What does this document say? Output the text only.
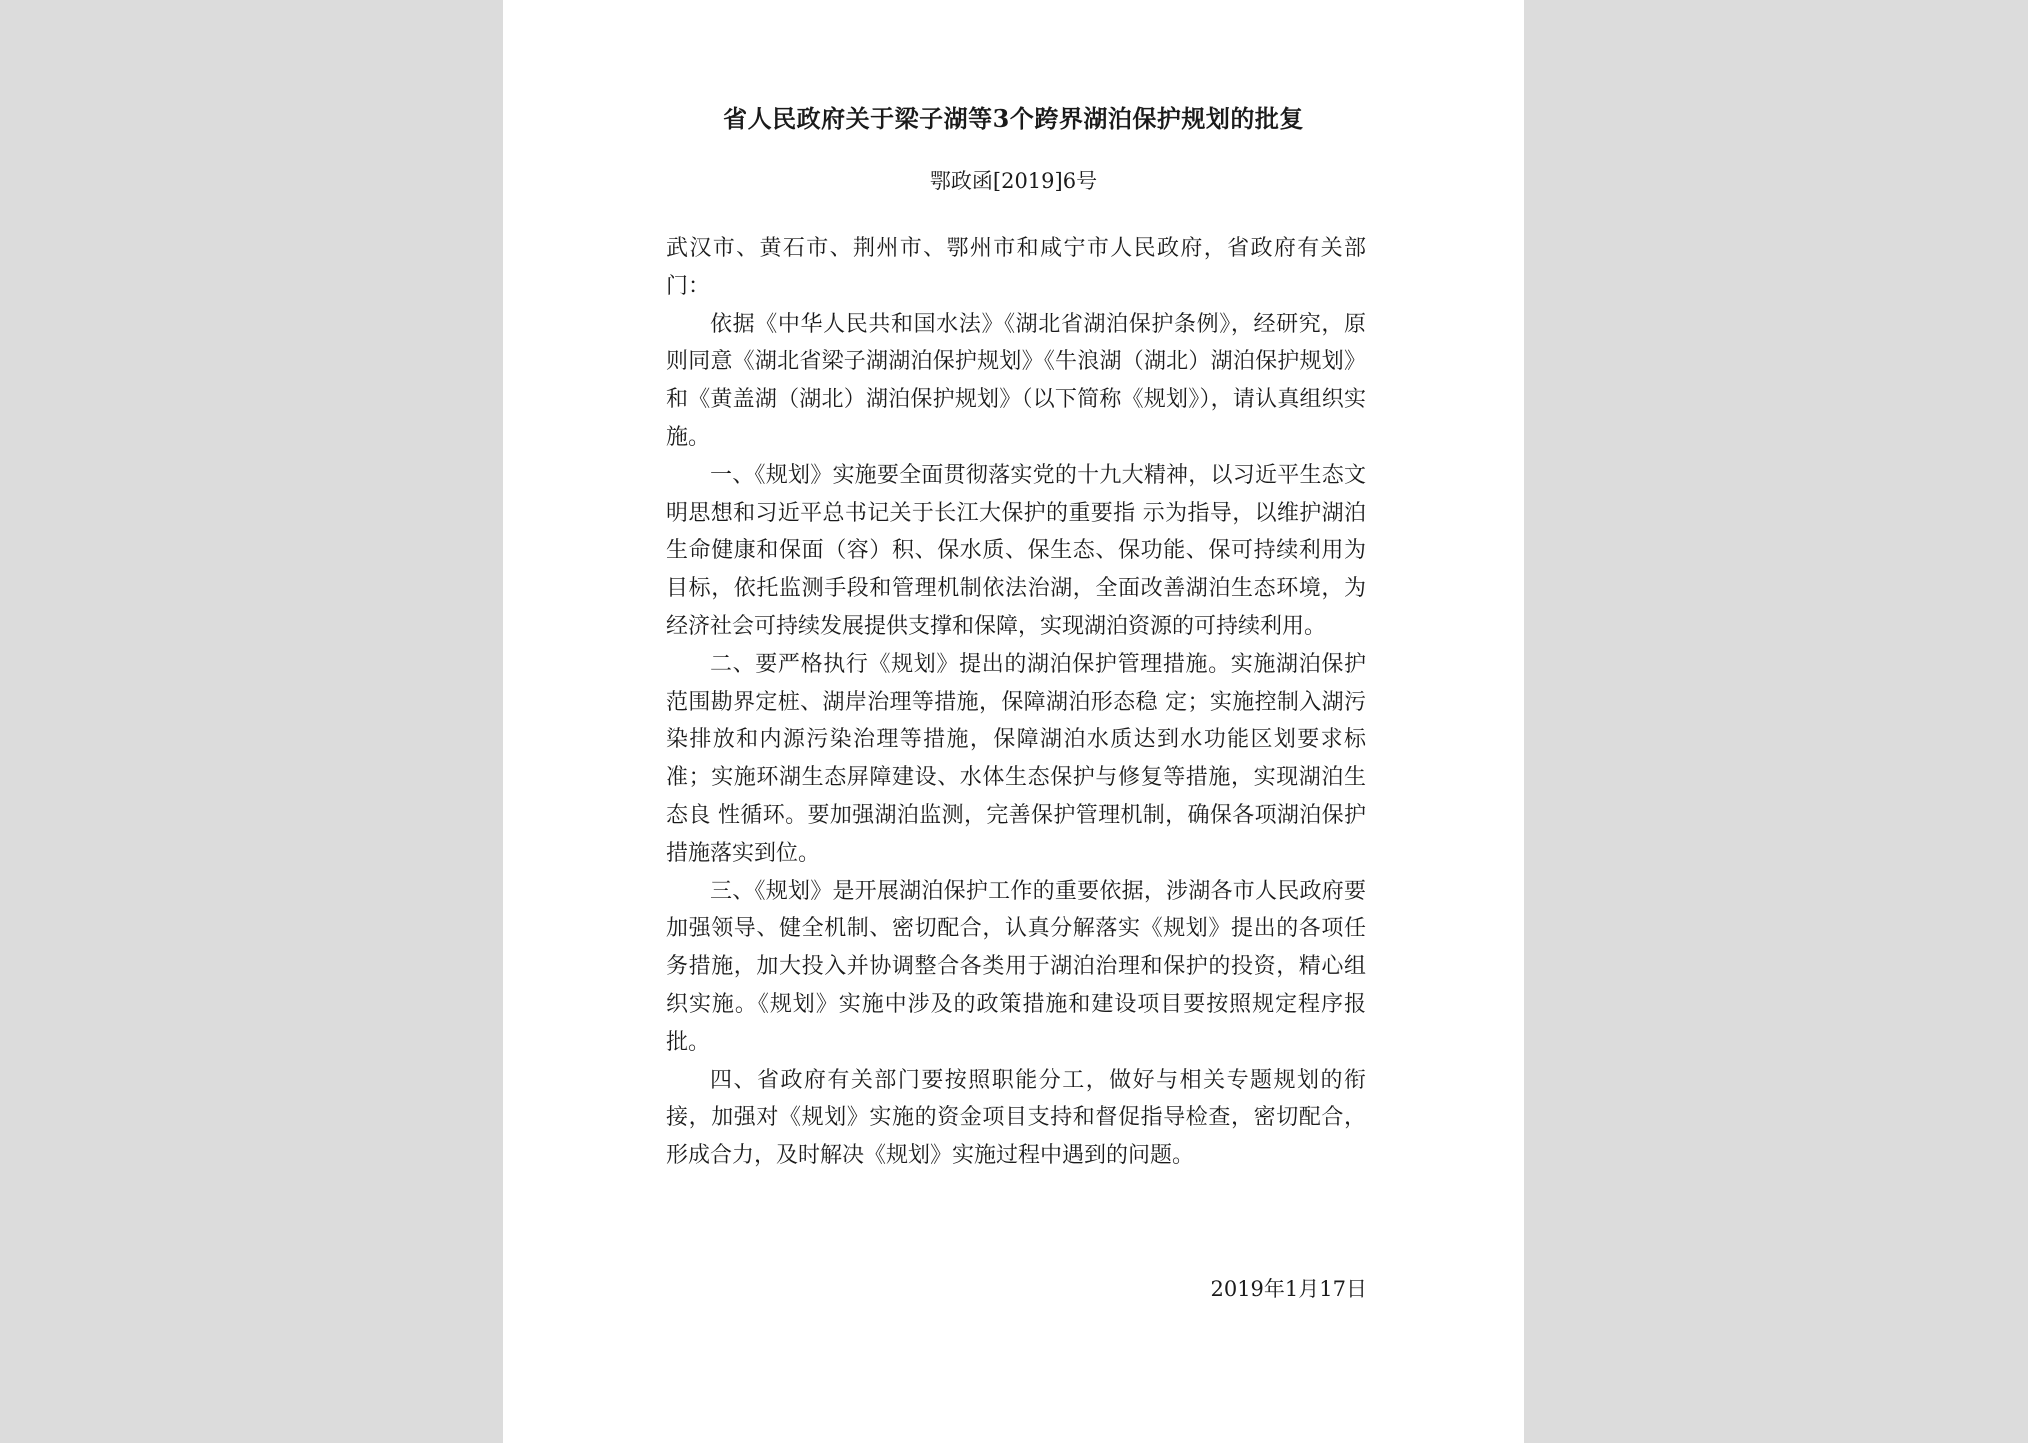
省人民政府关于梁子湖等3个跨界湖泊保护规划的批复
鄂政函[2019]6号

武汉市、黄石市、荆州市、鄂州市和咸宁市人民政府，省政府有关部门：

依据《中华人民共和国水法》《湖北省湖泊保护条例》，经研究，原则同意《湖北省梁子湖湖泊保护规划》《牛浪湖（湖北）湖泊保护规划》和《黄盖湖（湖北）湖泊保护规划》（以下简称《规划》），请认真组织实施。

一、《规划》实施要全面贯彻落实党的十九大精神，以习近平生态文明思想和习近平总书记关于长江大保护的重要指 示为指导，以维护湖泊生命健康和保面（容）积、保水质、保生态、保功能、保可持续利用为目标，依托监测手段和管理机制依法治湖，全面改善湖泊生态环境，为 经济社会可持续发展提供支撑和保障，实现湖泊资源的可持续利用。

二、要严格执行《规划》提出的湖泊保护管理措施。实施湖泊保护范围勘界定桩、湖岸治理等措施，保障湖泊形态稳 定；实施控制入湖污染排放和内源污染治理等措施，保障湖泊水质达到水功能区划要求标准；实施环湖生态屏障建设、水体生态保护与修复等措施，实现湖泊生态良 性循环。要加强湖泊监测，完善保护管理机制，确保各项湖泊保护措施落实到位。

三、《规划》是开展湖泊保护工作的重要依据，涉湖各市人民政府要加强领导、健全机制、密切配合，认真分解落实《规划》提出的各项任务措施，加大投入并协调整合各类用于湖泊治理和保护的投资，精心组织实施。《规划》实施中涉及的政策措施和建设项目要按照规定程序报批。

四、省政府有关部门要按照职能分工，做好与相关专题规划的衔接，加强对《规划》实施的资金项目支持和督促指导检查，密切配合，形成合力，及时解决《规划》实施过程中遇到的问题。

2019年1月17日
